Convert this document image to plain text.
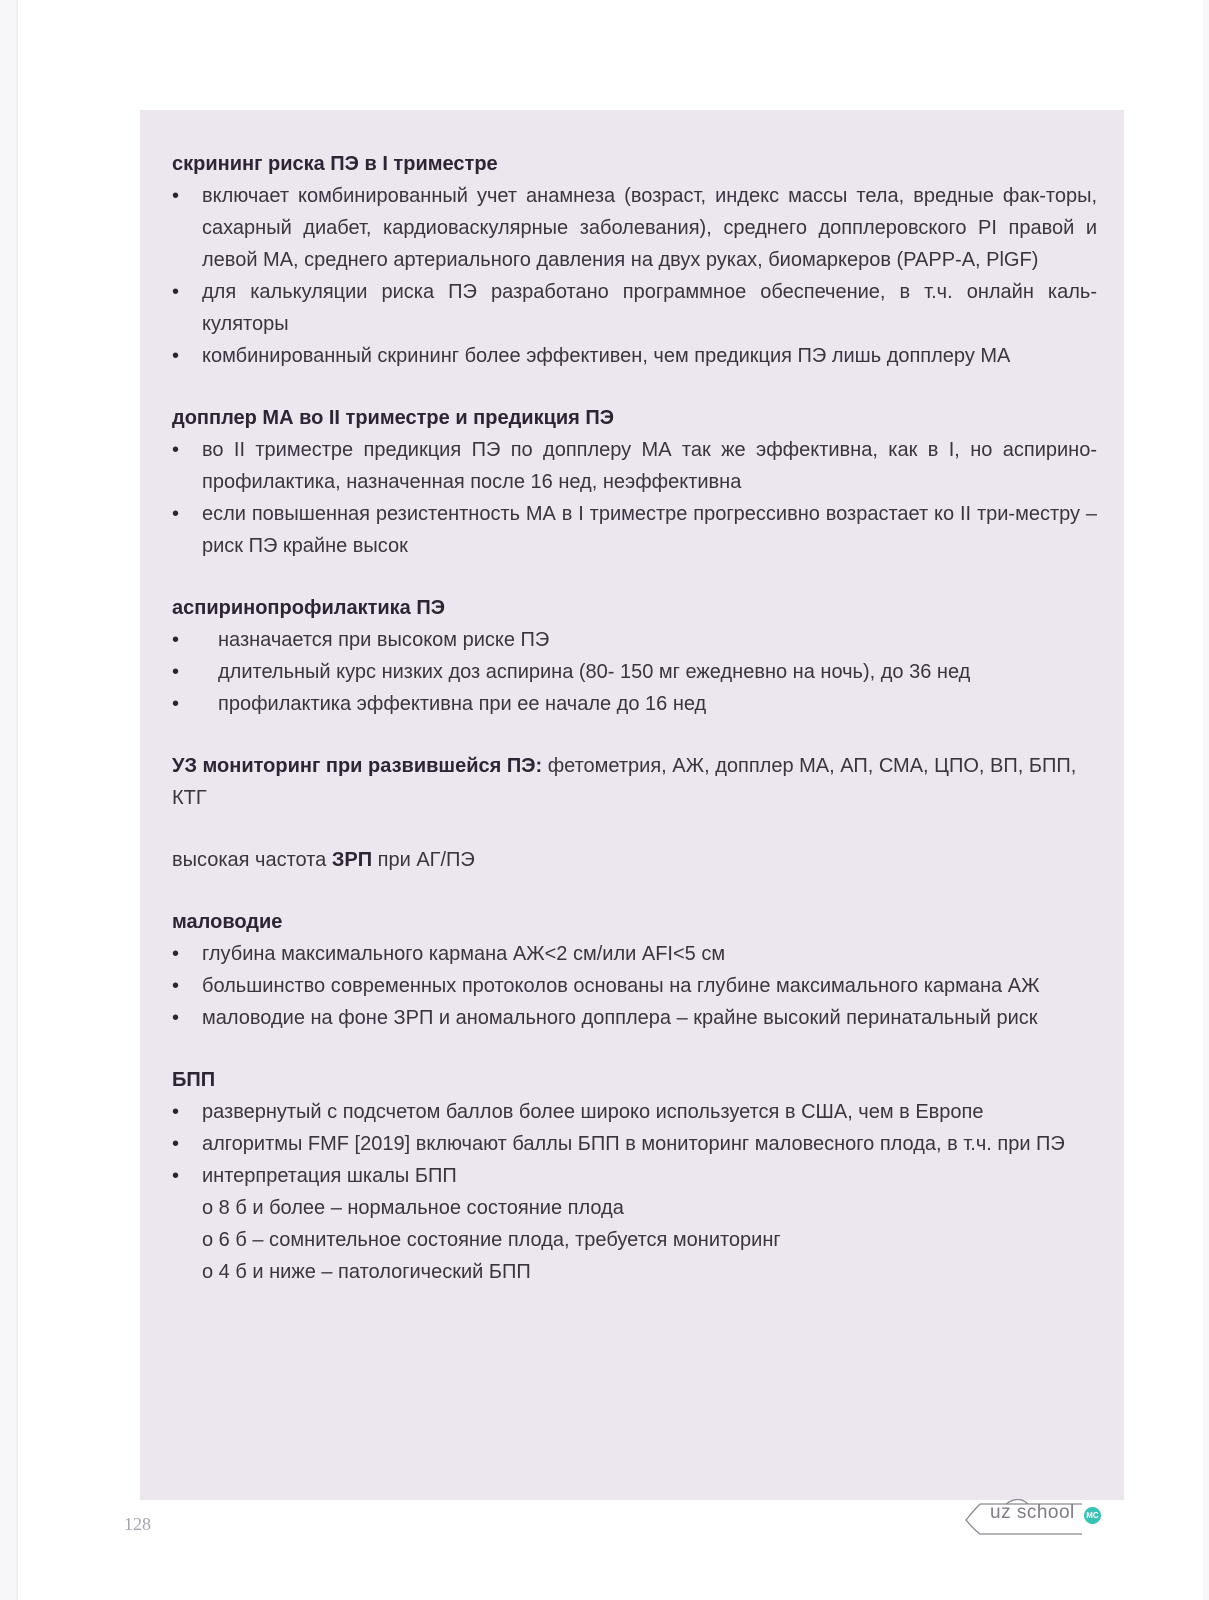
скрининг риска ПЭ в I триместре

•	включает комбинированный учет анамнеза (возраст, индекс массы тела, вредные фак-торы, сахарный диабет, кардиоваскулярные заболевания), среднего допплеровского PI правой и левой МА, среднего артериального давления на двух руках, биомаркеров (PAPP-A, PlGF)
•	для калькуляции риска ПЭ разработано программное обеспечение, в т.ч. онлайн каль-куляторы
•	комбинированный скрининг более эффективен, чем предикция ПЭ лишь допплеру МА

допплер МА во II триместре и предикция ПЭ

•	во II триместре предикция ПЭ по допплеру МА так же эффективна, как в I, но аспирино-профилактика, назначенная после 16 нед, неэффективна
•	если повышенная резистентность МА в I триместре прогрессивно возрастает ко II три-местру – риск ПЭ крайне высок

аспиринопрофилактика ПЭ

•	назначается при высоком риске ПЭ
•	длительный курс низких доз аспирина (80- 150 мг ежедневно на ночь), до 36 нед
•	профилактика эффективна при ее начале до 16 нед

УЗ мониторинг при развившейся ПЭ: фетометрия, АЖ, допплер МА, АП, СМА, ЦПО, ВП, БПП, КТГ

высокая частота ЗРП при АГ/ПЭ

маловодие

•	глубина максимального кармана АЖ<2 см/или AFI<5 см
•	большинство современных протоколов основаны на глубине максимального кармана АЖ
•	маловодие на фоне ЗРП и аномального допплера – крайне высокий перинатальный риск

БПП

•	развернутый с подсчетом баллов более широко используется в США, чем в Европе
•	алгоритмы FMF [2019] включают баллы БПП в мониторинг маловесного плода, в т.ч. при ПЭ
•	интерпретация шкалы БПП
о 8 б и более – нормальное состояние плода
о 6 б – сомнительное состояние плода, требуется мониторинг
о 4 б и ниже – патологический БПП
128
uz school MC
